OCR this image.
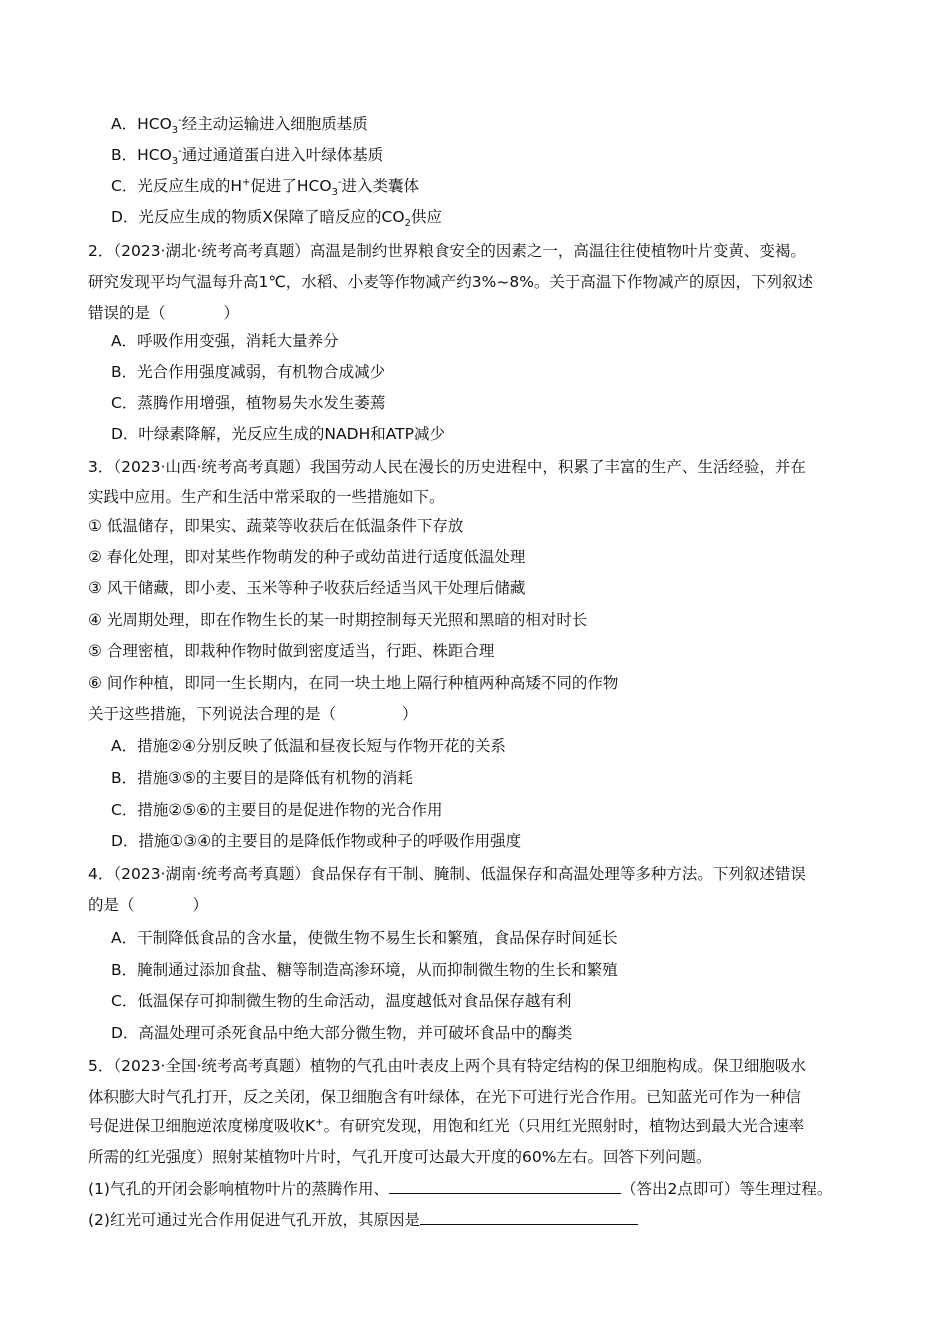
A．$HCO_3^-$经主动运输进入细胞质基质
B．$HCO_3^-$通过通道蛋白进入叶绿体基质
C．光反应生成的H+促进了$HCO_3^-$进入类囊体
D．光反应生成的物质X保障了暗反应的$CO_2$供应
2．（2023·湖北·统考高考真题）高温是制约世界粮食安全的因素之一，高温往往使植物叶片变黄、变褐。
研究发现平均气温每升高1℃，水稻、小麦等作物减产约3%~8%。关于高温下作物减产的原因，下列叙述
错误的是（	）
A．呼吸作用变强，消耗大量养分
B．光合作用强度减弱，有机物合成减少
C．蒸腾作用增强，植物易失水发生萎蔫
D．叶绿素降解，光反应生成的NADH和ATP减少
3．（2023·山西·统考高考真题）我国劳动人民在漫长的历史进程中，积累了丰富的生产、生活经验，并在
实践中应用。生产和生活中常采取的一些措施如下。
① 低温储存，即果实、蔬菜等收获后在低温条件下存放
② 春化处理，即对某些作物萌发的种子或幼苗进行适度低温处理
③ 风干储藏，即小麦、玉米等种子收获后经适当风干处理后储藏
④ 光周期处理，即在作物生长的某一时期控制每天光照和黑暗的相对时长
⑤ 合理密植，即栽种作物时做到密度适当，行距、株距合理
⑥ 间作种植，即同一生长期内，在同一块土地上隔行种植两种高矮不同的作物
关于这些措施，下列说法合理的是（	）
A．措施②④分别反映了低温和昼夜长短与作物开花的关系
B．措施③⑤的主要目的是降低有机物的消耗
C．措施②⑤⑥的主要目的是促进作物的光合作用
D．措施①③④的主要目的是降低作物或种子的呼吸作用强度
4．（2023·湖南·统考高考真题）食品保存有干制、腌制、低温保存和高温处理等多种方法。下列叙述错误
的是（	）
A．干制降低食品的含水量，使微生物不易生长和繁殖，食品保存时间延长
B．腌制通过添加食盐、糖等制造高渗环境，从而抑制微生物的生长和繁殖
C．低温保存可抑制微生物的生命活动，温度越低对食品保存越有利
D．高温处理可杀死食品中绝大部分微生物，并可破坏食品中的酶类
5．（2023·全国·统考高考真题）植物的气孔由叶表皮上两个具有特定结构的保卫细胞构成。保卫细胞吸水
体积膨大时气孔打开，反之关闭，保卫细胞含有叶绿体，在光下可进行光合作用。已知蓝光可作为一种信
号促进保卫细胞逆浓度梯度吸收K+。有研究发现，用饱和红光（只用红光照射时，植物达到最大光合速率
所需的红光强度）照射某植物叶片时，气孔开度可达最大开度的60%左右。回答下列问题。
(1)气孔的开闭会影响植物叶片的蒸腾作用、	（答出2点即可）等生理过程。
(2)红光可通过光合作用促进气孔开放，其原因是
